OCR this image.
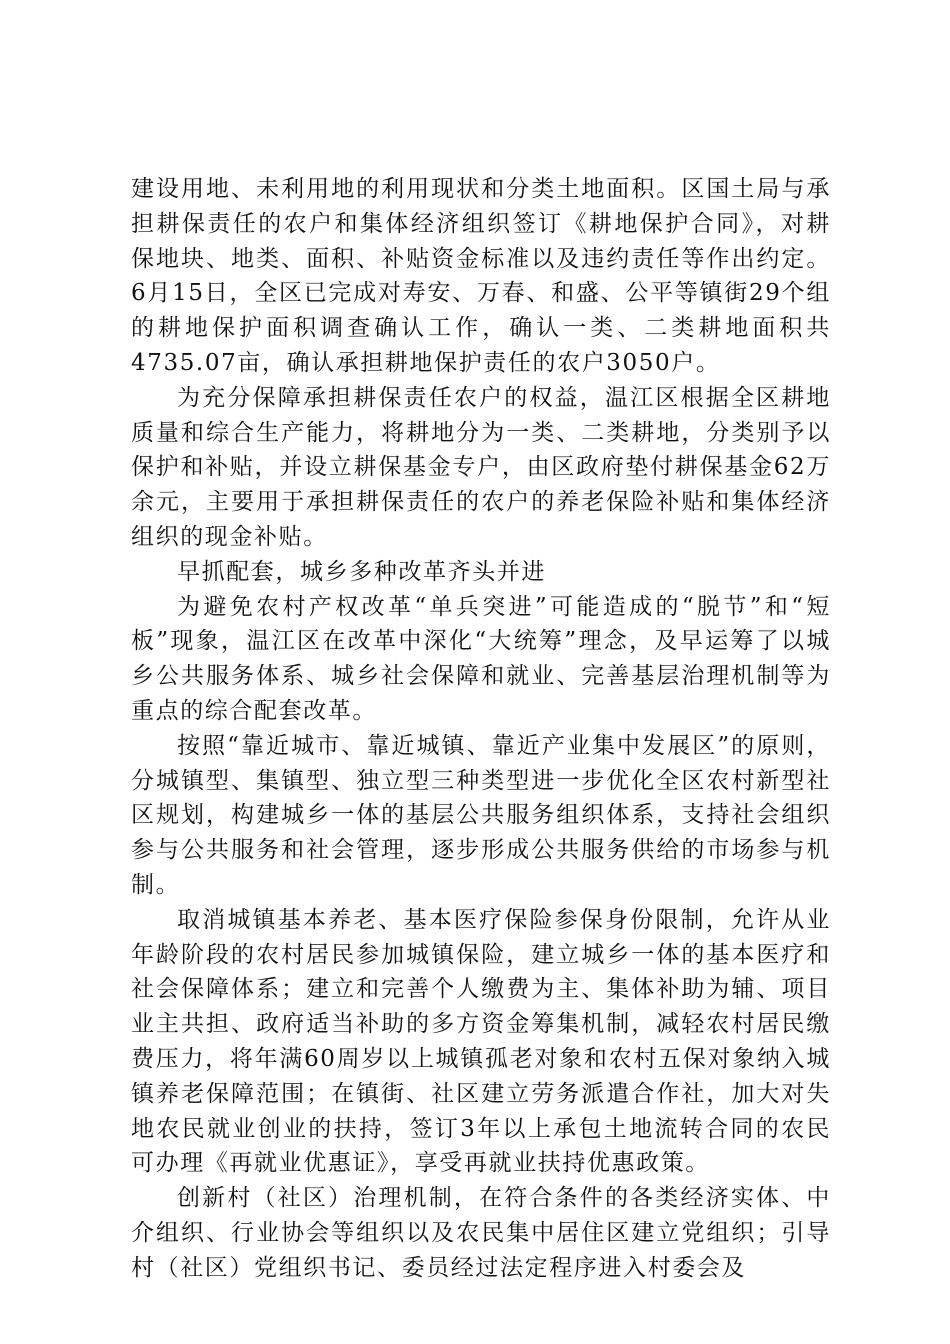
建设用地、未利用地的利用现状和分类土地面积。区国土局与承担耕保责任的农户和集体经济组织签订《耕地保护合同》，对耕保地块、地类、面积、补贴资金标准以及违约责任等作出约定。6月15日，全区已完成对寿安、万春、和盛、公平等镇街29个组的耕地保护面积调查确认工作，确认一类、二类耕地面积共4735.07亩，确认承担耕地保护责任的农户3050户。

为充分保障承担耕保责任农户的权益，温江区根据全区耕地质量和综合生产能力，将耕地分为一类、二类耕地，分类别予以保护和补贴，并设立耕保基金专户，由区政府垫付耕保基金62万余元，主要用于承担耕保责任的农户的养老保险补贴和集体经济组织的现金补贴。

早抓配套，城乡多种改革齐头并进

为避免农村产权改革“单兵突进”可能造成的“脱节”和“短板”现象，温江区在改革中深化“大统筹”理念，及早运筹了以城乡公共服务体系、城乡社会保障和就业、完善基层治理机制等为重点的综合配套改革。

按照“靠近城市、靠近城镇、靠近产业集中发展区”的原则，分城镇型、集镇型、独立型三种类型进一步优化全区农村新型社区规划，构建城乡一体的基层公共服务组织体系，支持社会组织参与公共服务和社会管理，逐步形成公共服务供给的市场参与机制。

取消城镇基本养老、基本医疗保险参保身份限制，允许从业年龄阶段的农村居民参加城镇保险，建立城乡一体的基本医疗和社会保障体系；建立和完善个人缴费为主、集体补助为辅、项目业主共担、政府适当补助的多方资金筹集机制，减轻农村居民缴费压力，将年满60周岁以上城镇孤老对象和农村五保对象纳入城镇养老保障范围；在镇街、社区建立劳务派遣合作社，加大对失地农民就业创业的扶持，签订3年以上承包土地流转合同的农民可办理《再就业优惠证》，享受再就业扶持优惠政策。

创新村（社区）治理机制，在符合条件的各类经济实体、中介组织、行业协会等组织以及农民集中居住区建立党组织；引导村（社区）党组织书记、委员经过法定程序进入村委会及
